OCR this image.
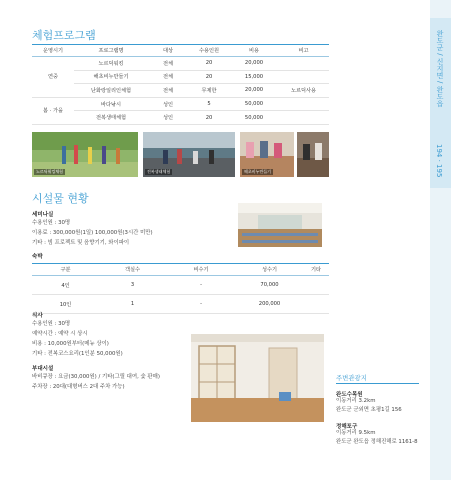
완도군 / 신지면 / 완도읍
194 · 195
체험프로그램
운영시기	프로그램명	대상	수용인원	비용	비고
연중	노르딕워킹	전체	20	20,000	
	해초비누만들기	전체	20	15,000	
	난화랑일리인체험	전체	무제한	20,000	노르딕사용
봄 · 가을	바다낚시	성인	5	50,000	
	전복생태체험	성인	20	50,000	
노르딕워킹체험	전복생태체험	해초비누만들기
시설물 현황
세미나실
수용인원 : 30명
이용료 : 300,000원(1일) 100,000원(3시간 미만)
기타 : 빔 프로젝트 및 음향기기, 와이파이
숙박
구분	객실수	비수기	성수기	기타
4인	3	-	70,000	
10인	1	-	200,000	
식사
수용인원 : 30명
예약시간 : 예약 시 상시
비용 : 10,000원부터(메뉴 상이)
기타 : 전복코스요리(1인분 50,000원)
부대시설
바비큐장 : 요금(30,000원) / 기타(그릴 대여, 숯 판매)
주차장 : 20대(대형버스 2대 주차 가능)
주변관광지
완도수목원
이동거리 3.2km
완도군 군외면 초평1길 156
정해포구
이동거리 9.5km
완도군 완도읍 정해진해로 1161-8
